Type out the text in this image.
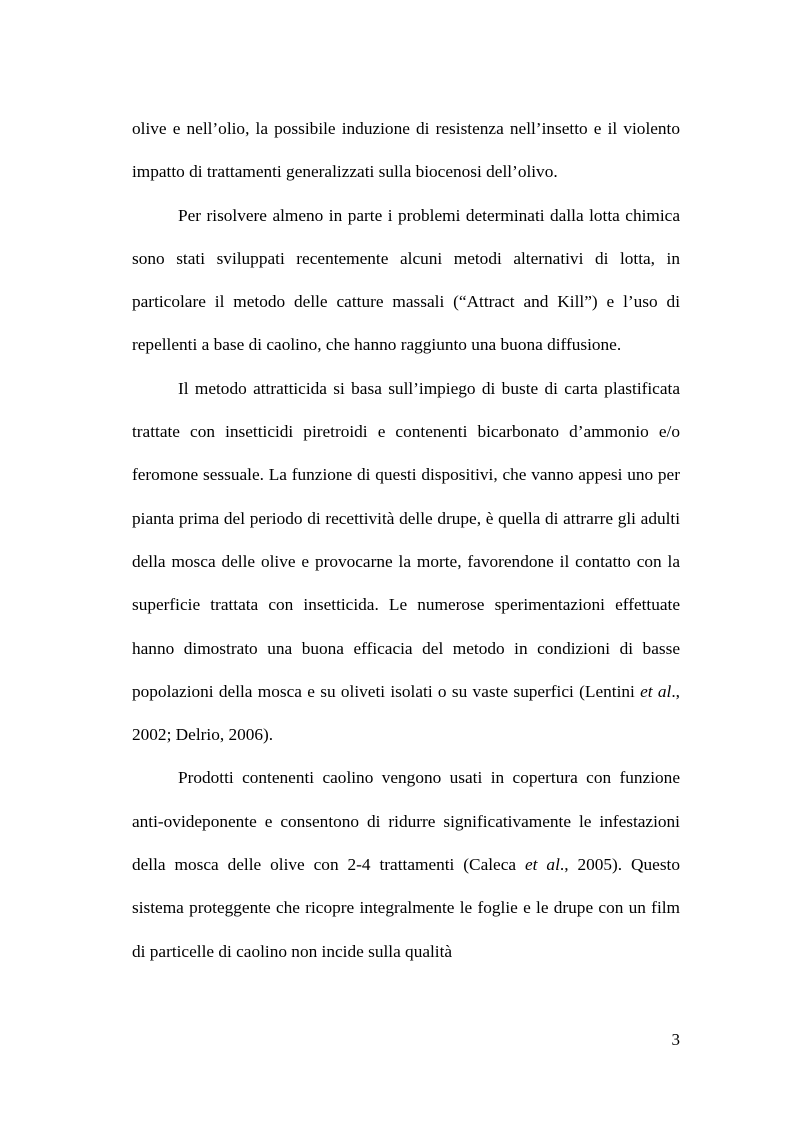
olive e nell’olio, la possibile induzione di resistenza nell’insetto e il violento impatto di trattamenti generalizzati sulla biocenosi dell’olivo.

Per risolvere almeno in parte i problemi determinati dalla lotta chimica sono stati sviluppati recentemente alcuni metodi alternativi di lotta, in particolare il metodo delle catture massali (“Attract and Kill”) e l’uso di repellenti a base di caolino, che hanno raggiunto una buona diffusione.

Il metodo attratticida si basa sull’impiego di buste di carta plastificata trattate con insetticidi piretroidi e contenenti bicarbonato d’ammonio e/o feromone sessuale. La funzione di questi dispositivi, che vanno appesi uno per pianta prima del periodo di recettività delle drupe, è quella di attrarre gli adulti della mosca delle olive e provocarne la morte, favorendone il contatto con la superficie trattata con insetticida. Le numerose sperimentazioni effettuate hanno dimostrato una buona efficacia del metodo in condizioni di basse popolazioni della mosca e su oliveti isolati o su vaste superfici (Lentini et al., 2002; Delrio, 2006).

Prodotti contenenti caolino vengono usati in copertura con funzione anti-ovideponente e consentono di ridurre significativamente le infestazioni della mosca delle olive con 2-4 trattamenti (Caleca et al., 2005). Questo sistema proteggente che ricopre integralmente le foglie e le drupe con un film di particelle di caolino non incide sulla qualità

3
